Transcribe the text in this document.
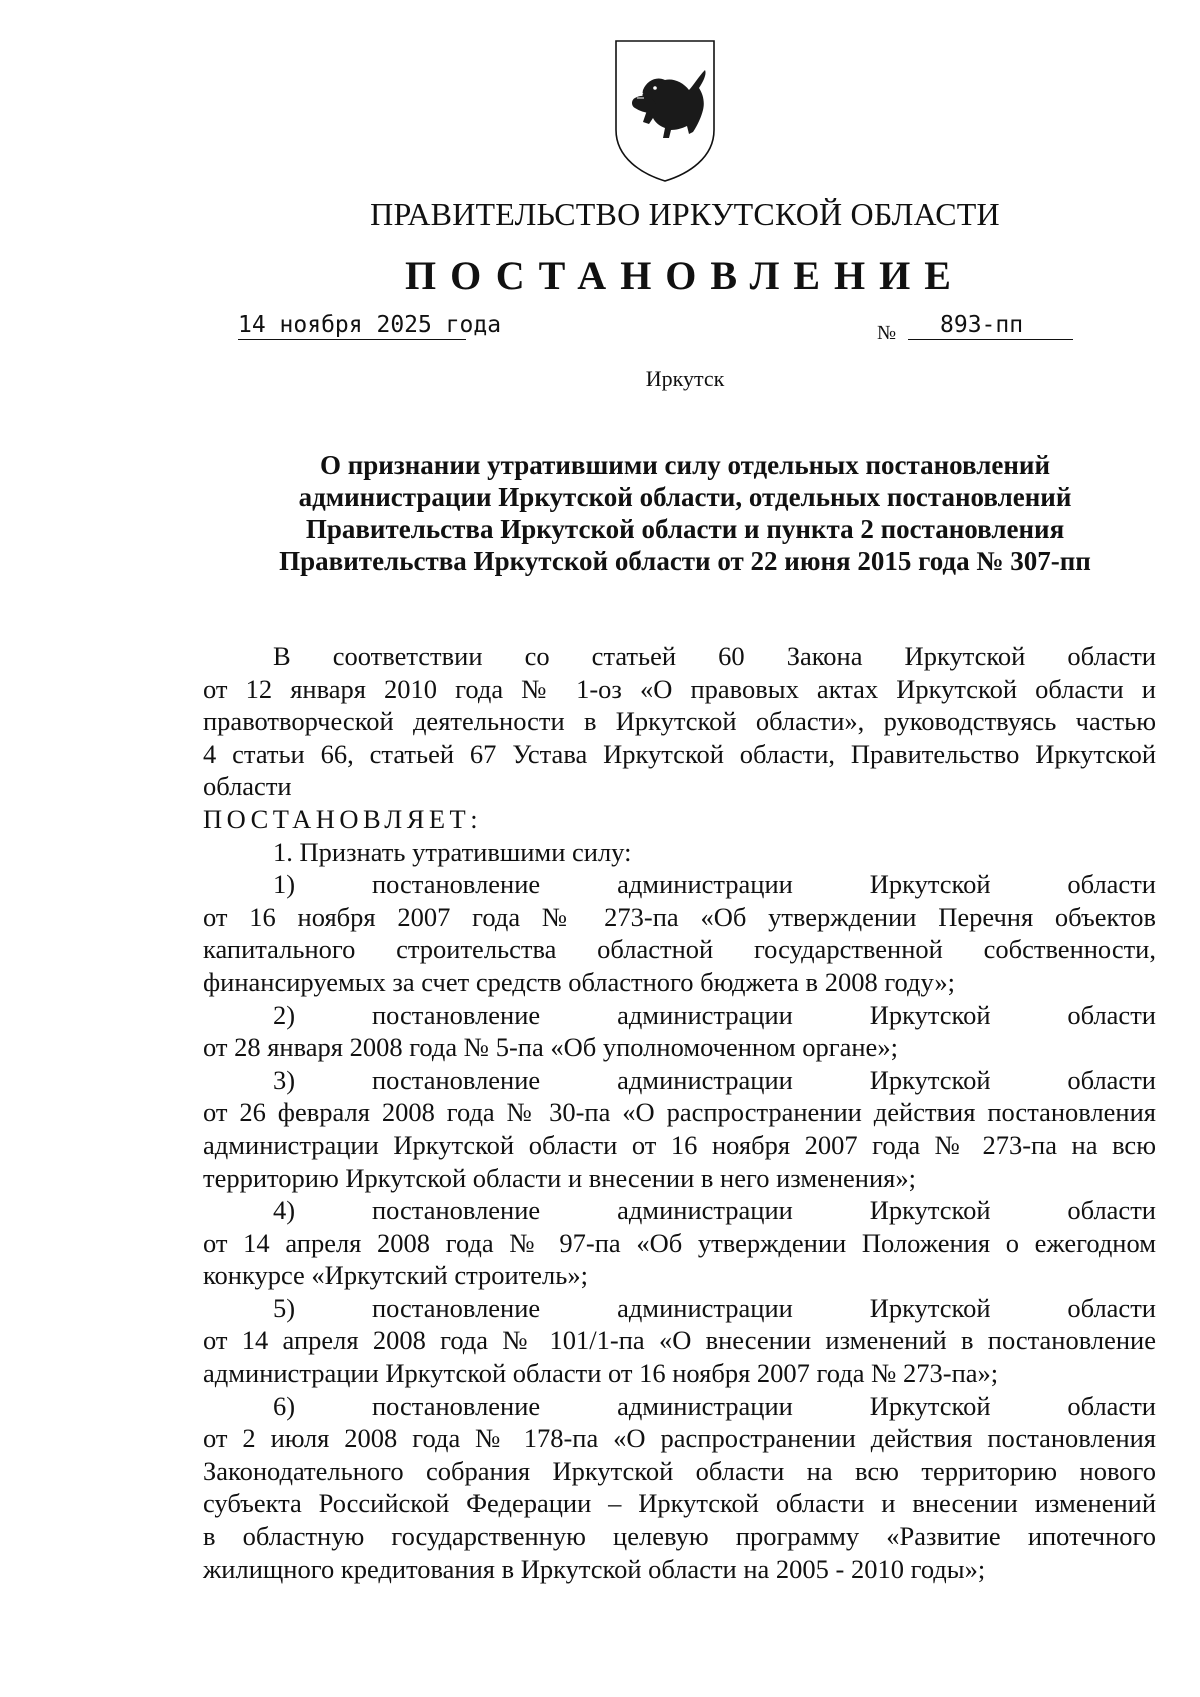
ПРАВИТЕЛЬСТВО ИРКУТСКОЙ ОБЛАСТИ
ПОСТАНОВЛЕНИЕ
14 ноября 2025 года	№	893-пп
Иркутск
О признании утратившими силу отдельных постановлений
администрации Иркутской области, отдельных постановлений
Правительства Иркутской области и пункта 2 постановления
Правительства Иркутской области от 22 июня 2015 года № 307-пп
В соответствии со статьей 60 Закона Иркутской области
от 12 января 2010 года № 1-оз «О правовых актах Иркутской области и
правотворческой деятельности в Иркутской области», руководствуясь частью
4 статьи 66, статьей 67 Устава Иркутской области, Правительство Иркутской
области
ПОСТАНОВЛЯЕТ:
1. Признать утратившими силу:
1)	постановление	администрации	Иркутской	области
от 16 ноября 2007 года № 273-па «Об утверждении Перечня объектов
капитального строительства областной государственной собственности,
финансируемых за счет средств областного бюджета в 2008 году»;
2)	постановление	администрации	Иркутской	области
от 28 января 2008 года № 5-па «Об уполномоченном органе»;
3)	постановление	администрации	Иркутской	области
от 26 февраля 2008 года № 30-па «О распространении действия постановления
администрации Иркутской области от 16 ноября 2007 года № 273-па на всю
территорию Иркутской области и внесении в него изменения»;
4)	постановление	администрации	Иркутской	области
от 14 апреля 2008 года № 97-па «Об утверждении Положения о ежегодном
конкурсе «Иркутский строитель»;
5)	постановление	администрации	Иркутской	области
от 14 апреля 2008 года № 101/1-па «О внесении изменений в постановление
администрации Иркутской области от 16 ноября 2007 года № 273-па»;
6)	постановление	администрации	Иркутской	области
от 2 июля 2008 года № 178-па «О распространении действия постановления
Законодательного собрания Иркутской области на всю территорию нового
субъекта Российской Федерации – Иркутской области и внесении изменений
в областную государственную целевую программу «Развитие ипотечного
жилищного кредитования в Иркутской области на 2005 - 2010 годы»;
